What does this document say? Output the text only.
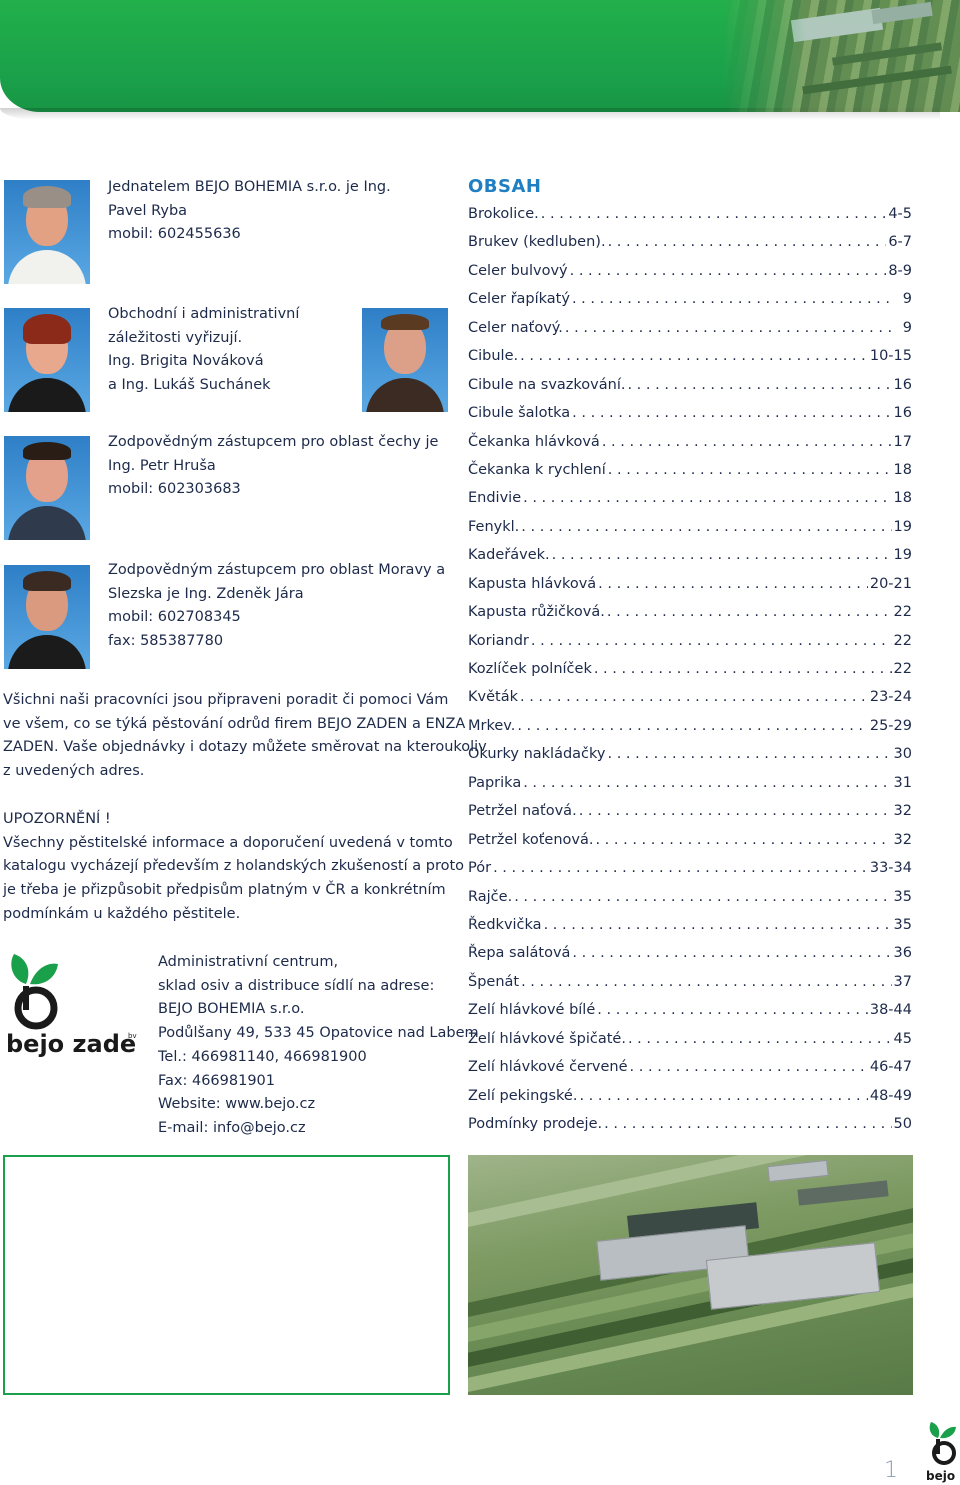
Jednatelem BEJO BOHEMIA s.r.o. je Ing.
Pavel Ryba
mobil: 602455636
Obchodní i administrativní
záležitosti vyřizují.
Ing. Brigita Nováková
a Ing. Lukáš Suchánek
Zodpovědným zástupcem pro oblast čechy je
Ing. Petr Hruša
mobil: 602303683
Zodpovědným zástupcem pro oblast Moravy a
Slezska je Ing. Zdeněk Jára
mobil: 602708345
fax: 585387780
Všichni naši pracovníci jsou připraveni poradit či pomoci Vám
ve všem, co se týká pěstování odrůd firem BEJO ZADEN a ENZA
ZADEN. Vaše objednávky i dotazy můžete směrovat na kteroukoliv
z uvedených adres.
UPOZORNĚNÍ !
Všechny pěstitelské informace a doporučení uvedená v tomto
katalogu vycházejí především z holandských zkušeností a proto
je třeba je přizpůsobit předpisům platným v ČR a konkrétním
podmínkám u každého pěstitele.
bejo zade
bv
Administrativní centrum,
sklad osiv a distribuce sídlí na adrese:
BEJO BOHEMIA s.r.o.
Podůlšany 49, 533 45 Opatovice nad Labem
Tel.: 466981140, 466981900
Fax: 466981901
Website: www.bejo.cz
E-mail: info@bejo.cz
OBSAH
Brokolice. . . .	4-5
Brukev (kedluben). . . .	6-7
Celer bulvový . . .	8-9
Celer řapíkatý . . .	9
Celer naťový. . . .	9
Cibule. . . .	10-15
Cibule na svazkování. . . .	16
Cibule šalotka . . .	16
Čekanka hlávková . . .	17
Čekanka k rychlení . . .	18
Endivie . . .	18
Fenykl. . . .	19
Kadeřávek. . . .	19
Kapusta hlávková . . .	20-21
Kapusta růžičková. . . .	22
Koriandr . . .	22
Kozlíček polníček . . .	22
Květák . . .	23-24
Mrkev. . . .	25-29
Okurky nakládačky . . .	30
Paprika . . .	31
Petržel naťová. . . .	32
Petržel koťenová. . . .	32
Pór . . .	33-34
Rajče. . . .	35
Ředkvička . . .	35
Řepa salátová . . .	36
Špenát . . .	37
Zelí hlávkové bílé . . .	38-44
Zelí hlávkové špičaté. . . .	45
Zelí hlávkové červené . . .	46-47
Zelí pekingské. . . .	48-49
Podmínky prodeje. . . .	50
bejo
1
